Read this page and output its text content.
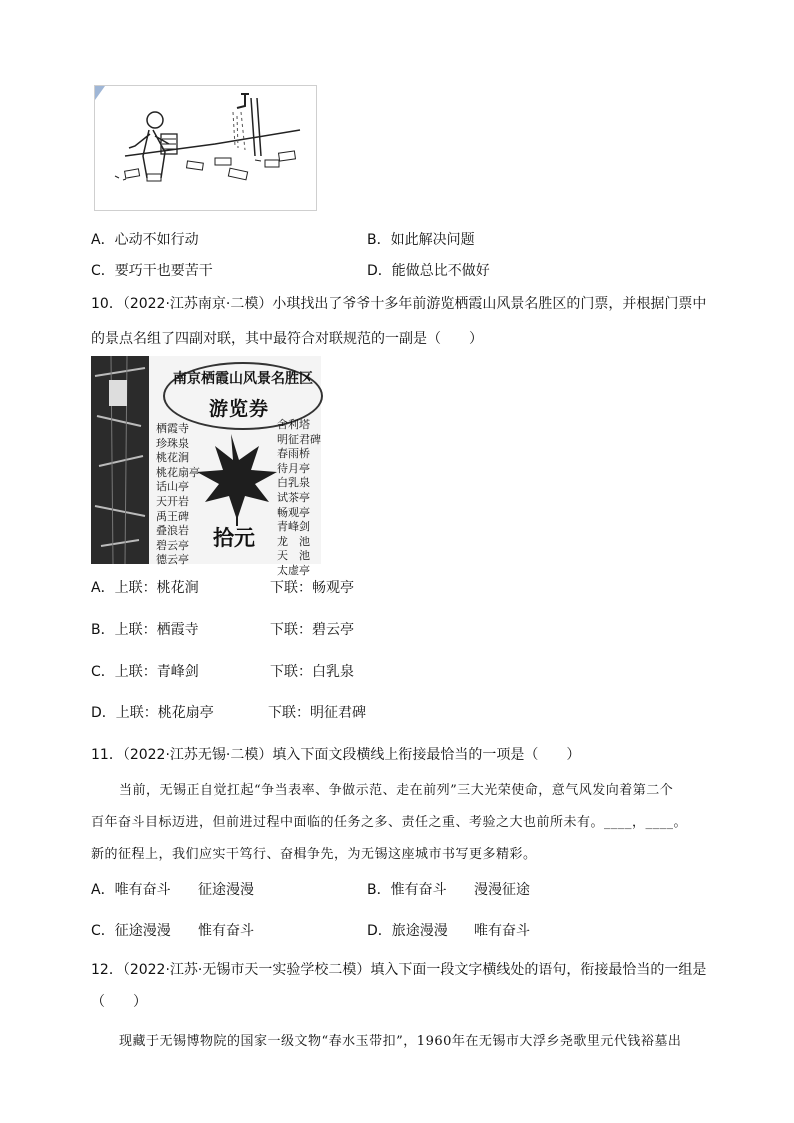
A．心动不如行动	B．如此解决问题
C．要巧干也要苦干	D．能做总比不做好
10．（2022·江苏南京·二模）小琪找出了爷爷十多年前游览栖霞山风景名胜区的门票，并根据门票中
的景点名组了四副对联，其中最符合对联规范的一副是（　　）
南京栖霞山风景名胜区
游览券
栖霞寺
珍珠泉
桃花涧
桃花扇亭
话山亭
天开岩
禹王碑
叠浪岩
碧云亭
德云亭
舍利塔
明征君碑
春雨桥
待月亭
白乳泉
试茶亭
畅观亭
青峰剑
龙　池
天　池
太虚亭
拾元
A．上联：桃花涧	下联：畅观亭
B．上联：栖霞寺	下联：碧云亭
C．上联：青峰剑	下联：白乳泉
D．上联：桃花扇亭	下联：明征君碑
11．（2022·江苏无锡·二模）填入下面文段横线上衔接最恰当的一项是（　　）
当前，无锡正自觉扛起“争当表率、争做示范、走在前列”三大光荣使命，意气风发向着第二个
百年奋斗目标迈进，但前进过程中面临的任务之多、责任之重、考验之大也前所未有。____，____。
新的征程上，我们应实干笃行、奋楫争先，为无锡这座城市书写更多精彩。
A．唯有奋斗 征途漫漫	B．惟有奋斗 漫漫征途
C．征途漫漫 惟有奋斗	D．旅途漫漫 唯有奋斗
12．（2022·江苏·无锡市天一实验学校二模）填入下面一段文字横线处的语句，衔接最恰当的一组是
（　　）
现藏于无锡博物院的国家一级文物“春水玉带扣”，1960年在无锡市大浮乡尧歌里元代钱裕墓出
